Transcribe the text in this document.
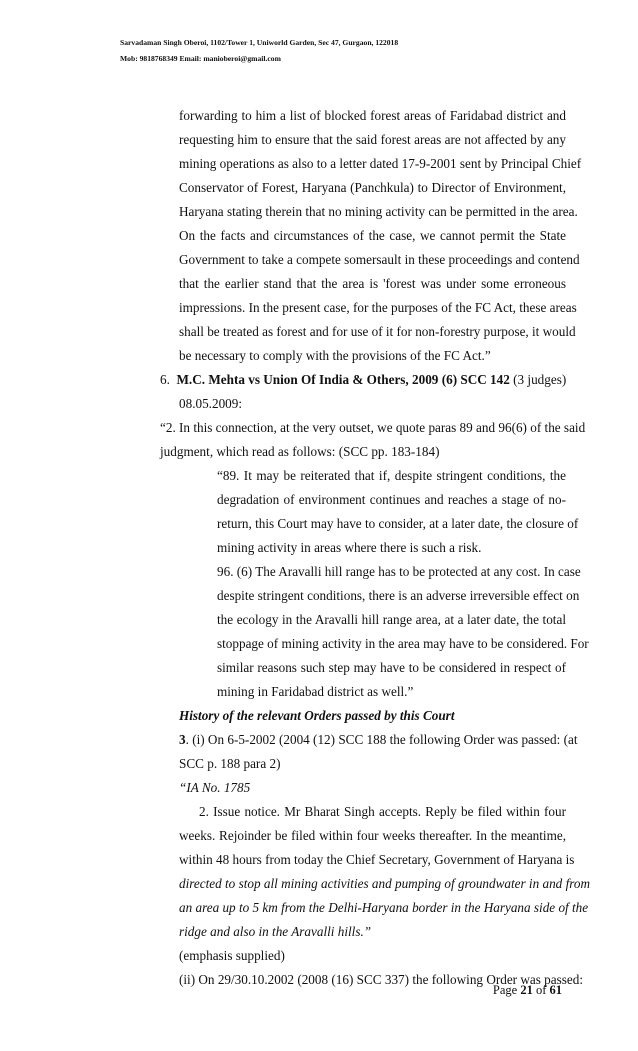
Sarvadaman Singh Oberoi, 1102/Tower 1, Uniworld Garden, Sec 47, Gurgaon, 122018
Mob: 9818768349 Email: manioberoi@gmail.com
forwarding to him a list of blocked forest areas of Faridabad district and
requesting him to ensure that the said forest areas are not affected by any
mining operations as also to a letter dated 17-9-2001 sent by Principal Chief
Conservator of Forest, Haryana (Panchkula) to Director of Environment,
Haryana stating therein that no mining activity can be permitted in the area.
On the facts and circumstances of the case, we cannot permit the State
Government to take a compete somersault in these proceedings and contend
that the earlier stand that the area is 'forest was under some erroneous
impressions. In the present case, for the purposes of the FC Act, these areas
shall be treated as forest and for use of it for non-forestry purpose, it would
be necessary to comply with the provisions of the FC Act.”
6. M.C. Mehta vs Union Of India & Others, 2009 (6) SCC 142 (3 judges)
08.05.2009:
“2. In this connection, at the very outset, we quote paras 89 and 96(6) of the said
judgment, which read as follows: (SCC pp. 183-184)
“89. It may be reiterated that if, despite stringent conditions, the
degradation of environment continues and reaches a stage of no-
return, this Court may have to consider, at a later date, the closure of
mining activity in areas where there is such a risk.
96. (6) The Aravalli hill range has to be protected at any cost. In case
despite stringent conditions, there is an adverse irreversible effect on
the ecology in the Aravalli hill range area, at a later date, the total
stoppage of mining activity in the area may have to be considered. For
similar reasons such step may have to be considered in respect of
mining in Faridabad district as well.”
History of the relevant Orders passed by this Court
3. (i) On 6-5-2002 (2004 (12) SCC 188 the following Order was passed: (at
SCC p. 188 para 2)
“IA No. 1785
2. Issue notice. Mr Bharat Singh accepts. Reply be filed within four
weeks. Rejoinder be filed within four weeks thereafter. In the meantime,
within 48 hours from today the Chief Secretary, Government of Haryana is
directed to stop all mining activities and pumping of groundwater in and from
an area up to 5 km from the Delhi-Haryana border in the Haryana side of the
ridge and also in the Aravalli hills.”
(emphasis supplied)
(ii) On 29/30.10.2002 (2008 (16) SCC 337) the following Order was passed:
Page 21 of 61
